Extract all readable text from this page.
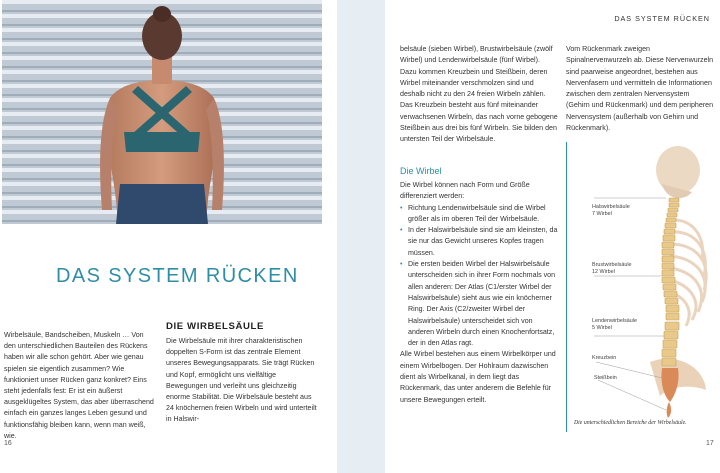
DAS SYSTEM RÜCKEN
Wirbelsäule, Bandscheiben, Muskeln … Von den unterschiedlichen Bauteilen des Rückens haben wir alle schon gehört. Aber wie genau spielen sie eigentlich zusammen? Wie funktioniert unser Rücken ganz konkret? Eins steht jedenfalls fest: Er ist ein äußerst ausgeklügeltes System, das aber überraschend einfach ein ganzes langes Leben gesund und funktionsfähig bleiben kann, wenn man weiß, wie.
DIE WIRBELSÄULE
Die Wirbelsäule mit ihrer charakteristischen doppelten S-Form ist das zentrale Element unseres Bewegungsapparats. Sie trägt Rücken und Kopf, ermöglicht uns vielfältige Bewegungen und verleiht uns gleichzeitig enorme Stabilität. Die Wirbelsäule besteht aus 24 knöchernen freien Wirbeln und wird unterteilt in Halswir-
16
DAS SYSTEM RÜCKEN
belsäule (sieben Wirbel), Brustwirbelsäule (zwölf Wirbel) und Lendenwirbelsäule (fünf Wirbel). Dazu kommen Kreuzbein und Steißbein, deren Wirbel miteinander verschmolzen sind und deshalb nicht zu den 24 freien Wirbeln zählen. Das Kreuzbein besteht aus fünf miteinander verwachsenen Wirbeln, das nach vorne gebogene Steißbein aus drei bis fünf Wirbeln. Sie bilden den untersten Teil der Wirbelsäule.
Die Wirbel

Die Wirbel können nach Form und Größe differenziert werden:

• Richtung Lendenwirbelsäule sind die Wirbel größer als im oberen Teil der Wirbelsäule.
• In der Halswirbelsäule sind sie am kleinsten, da sie nur das Gewicht unseres Kopfes tragen müssen.
• Die ersten beiden Wirbel der Halswirbelsäule unterscheiden sich in ihrer Form nochmals von allen anderen: Der Atlas (C1/erster Wirbel der Halswirbelsäule) sieht aus wie ein knöcherner Ring. Der Axis (C2/zweiter Wirbel der Halswirbelsäule) unterscheidet sich von anderen Wirbeln durch einen Knochenfortsatz, der in den Atlas ragt.

Alle Wirbel bestehen aus einem Wirbelkörper und einem Wirbelbogen. Der Hohlraum dazwischen dient als Wirbelkanal, in dem liegt das Rückenmark, das unter anderem die Befehle für unsere Bewegungen erteilt.

Vom Rückenmark zweigen Spinalnervenwurzeln ab. Diese Nervenwurzeln sind paarweise angeordnet, bestehen aus Nervenfasern und vermitteln die Informationen zwischen dem zentralen Nervensystem (Gehirn und Rückenmark) und dem peripheren Nervensystem (außerhalb von Gehirn und Rückenmark).
Halswirbelsäule
7 Wirbel
Brustwirbelsäule
12 Wirbel
Lendenwirbelsäule
5 Wirbel
Kreuzbein
Steißbein
Die unterschiedlichen Bereiche der Wirbelsäule.
17
